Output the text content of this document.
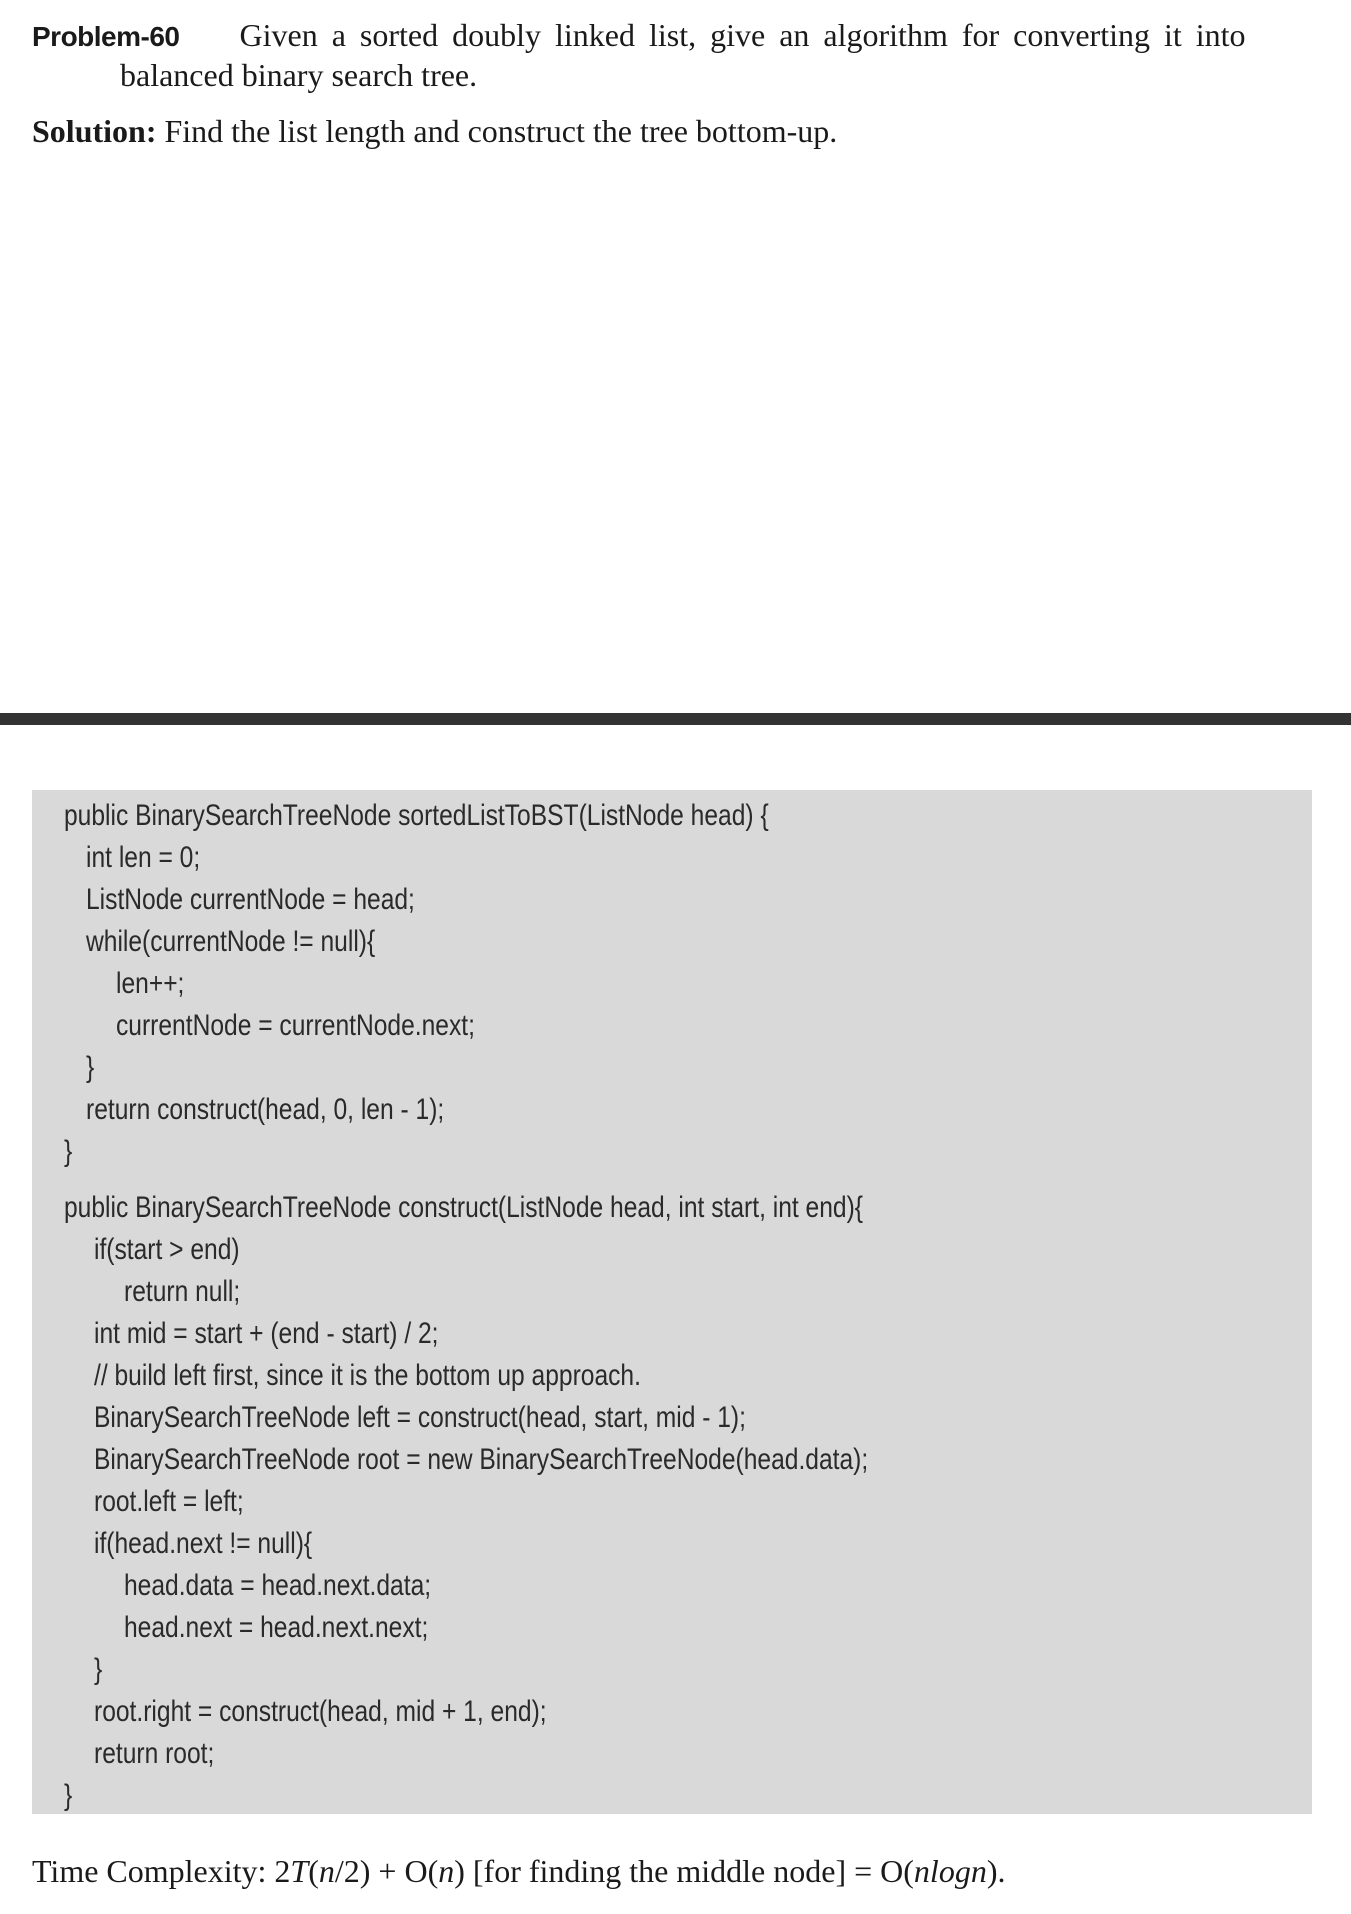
Problem-60 Given a sorted doubly linked list, give an algorithm for converting it into
balanced binary search tree.
Solution: Find the list length and construct the tree bottom-up.
public BinarySearchTreeNode sortedListToBST(ListNode head) {
int len = 0;
ListNode currentNode = head;
while(currentNode != null){
len++;
currentNode = currentNode.next;
}
return construct(head, 0, len - 1);
}
public BinarySearchTreeNode construct(ListNode head, int start, int end){
if(start > end)
return null;
int mid = start + (end - start) / 2;
// build left first, since it is the bottom up approach.
BinarySearchTreeNode left = construct(head, start, mid - 1);
BinarySearchTreeNode root = new BinarySearchTreeNode(head.data);
root.left = left;
if(head.next != null){
head.data = head.next.data;
head.next = head.next.next;
}
root.right = construct(head, mid + 1, end);
return root;
}
Time Complexity: 2T(n/2) + O(n) [for finding the middle node] = O(nlogn).
